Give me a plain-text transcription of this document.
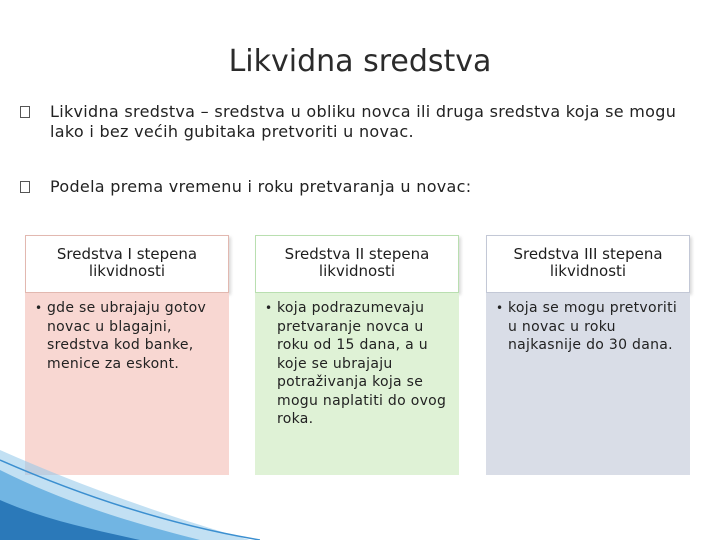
Likvidna sredstva
Likvidna sredstva – sredstva u obliku novca ili druga sredstva koja se mogu lako i bez većih gubitaka pretvoriti u novac.
Podela prema vremenu i roku pretvaranja u novac:
Sredstva I stepena likvidnosti
• gde se ubrajaju gotov novac u blagajni, sredstva kod banke, menice za eskont.
Sredstva II stepena likvidnosti
• koja podrazumevaju pretvaranje novca u roku od 15 dana, a u koje se ubrajaju potraživanja koja se mogu naplatiti do ovog roka.
Sredstva III stepena likvidnosti
• koja se mogu pretvoriti u novac u roku najkasnije do 30 dana.
